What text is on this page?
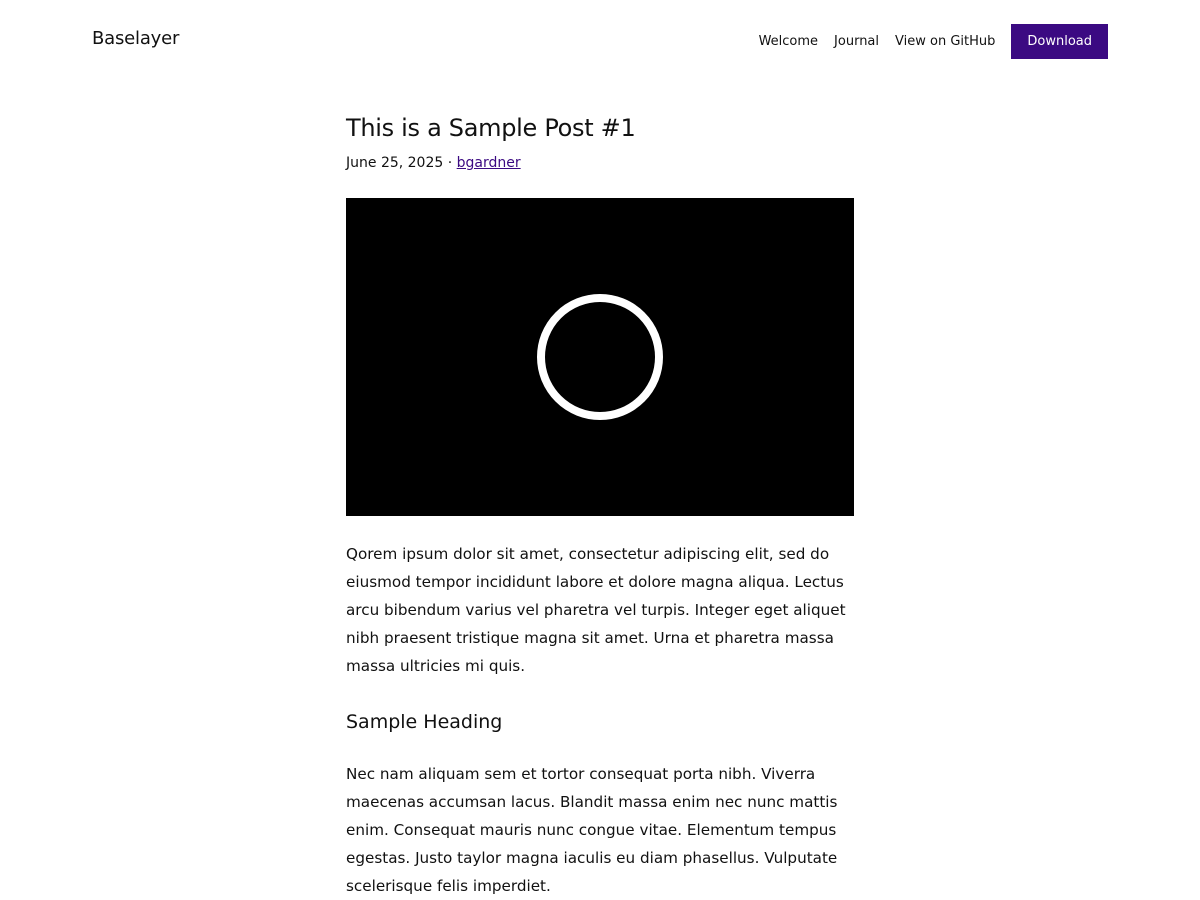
Baselayer	Welcome Journal View on GitHub	Download
This is a Sample Post #1
June 25, 2025 · bgardner

Qorem ipsum dolor sit amet, consectetur adipiscing elit, sed do eiusmod tempor incididunt labore et dolore magna aliqua. Lectus arcu bibendum varius vel pharetra vel turpis. Integer eget aliquet nibh praesent tristique magna sit amet. Urna et pharetra massa massa ultricies mi quis.

Sample Heading

Nec nam aliquam sem et tortor consequat porta nibh. Viverra maecenas accumsan lacus. Blandit massa enim nec nunc mattis enim. Consequat mauris nunc congue vitae. Elementum tempus egestas. Justo taylor magna iaculis eu diam phasellus. Vulputate scelerisque felis imperdiet.
